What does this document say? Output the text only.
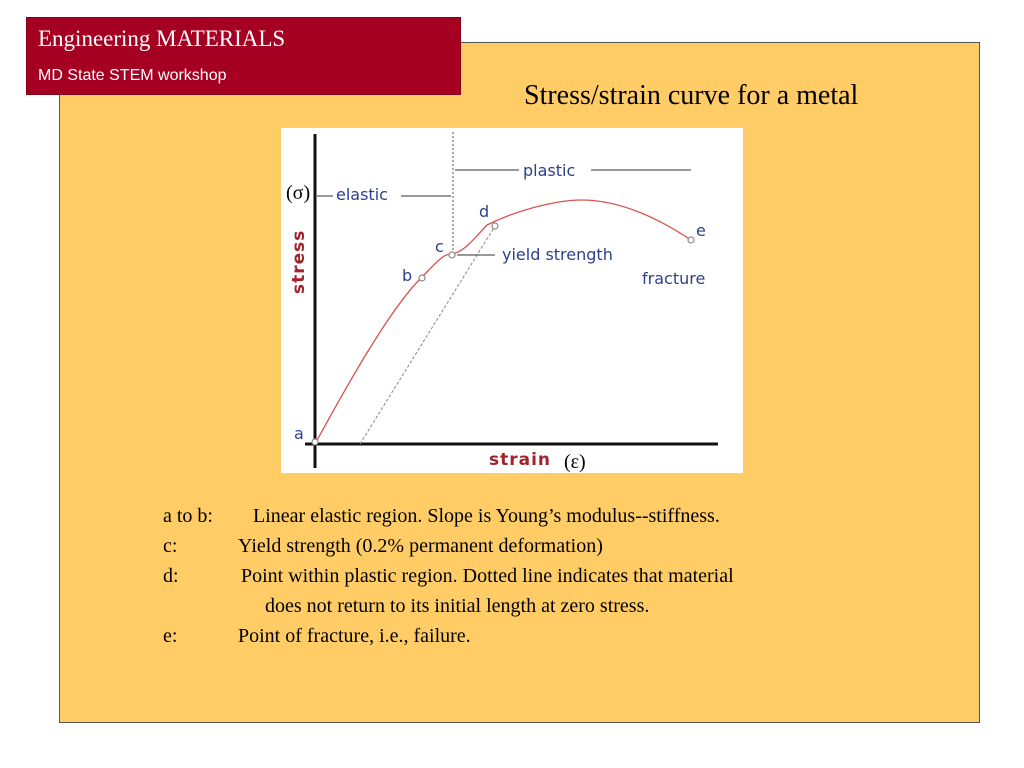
Engineering MATERIALS
MD State STEM workshop
Stress/strain curve for a metal
stress
(σ)
plastic
elastic
d
c
b
e
a
yield strength
fracture
strain (ε)
a to b: Linear elastic region. Slope is Young’s modulus--stiffness.
c:	Yield strength (0.2% permanent deformation)
d:	Point within plastic region. Dotted line indicates that material
does not return to its initial length at zero stress.
e:	Point of fracture, i.e., failure.
